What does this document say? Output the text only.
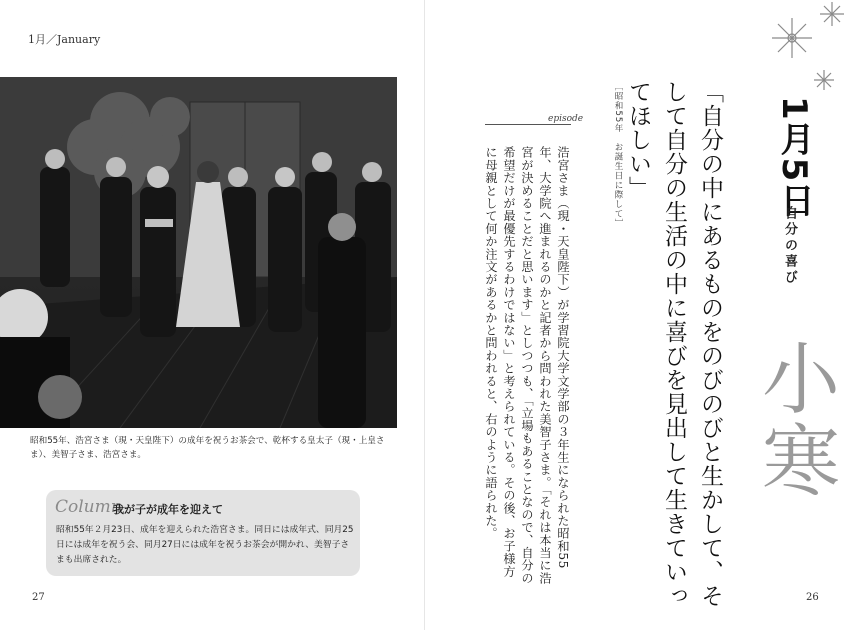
1月／January
昭和55年、浩宮さま（現・天皇陛下）の成年を祝うお茶会で、乾杯する皇太子（現・上皇さま）、美智子さま、浩宮さま。
Column
我が子が成年を迎えて
昭和55年２月23日、成年を迎えられた浩宮さま。同日には成年式、同月25日には成年を祝う会、同月27日には成年を祝うお茶会が開かれ、美智子さまも出席された。
27
episode
浩宮さま（現・天皇陛下）が学習院大学文学部の３年生になられた昭和55年、大学院へ進まれるのかと記者から問われた美智子さま。「それは本当に浩宮が決めることだと思います」としつつも、「立場もあることなので、自分の希望だけが最優先するわけではない」と考えられている。その後、お子様方に母親として何か注文があるかと問われると、右のように語られた。	［昭和55年　お誕生日に際して］	「自分の中にあるものをのびのびと生かして、そして自分の生活の中に喜びを見出して生きていってほしい」	1月5日
自分の喜び
小寒
26
